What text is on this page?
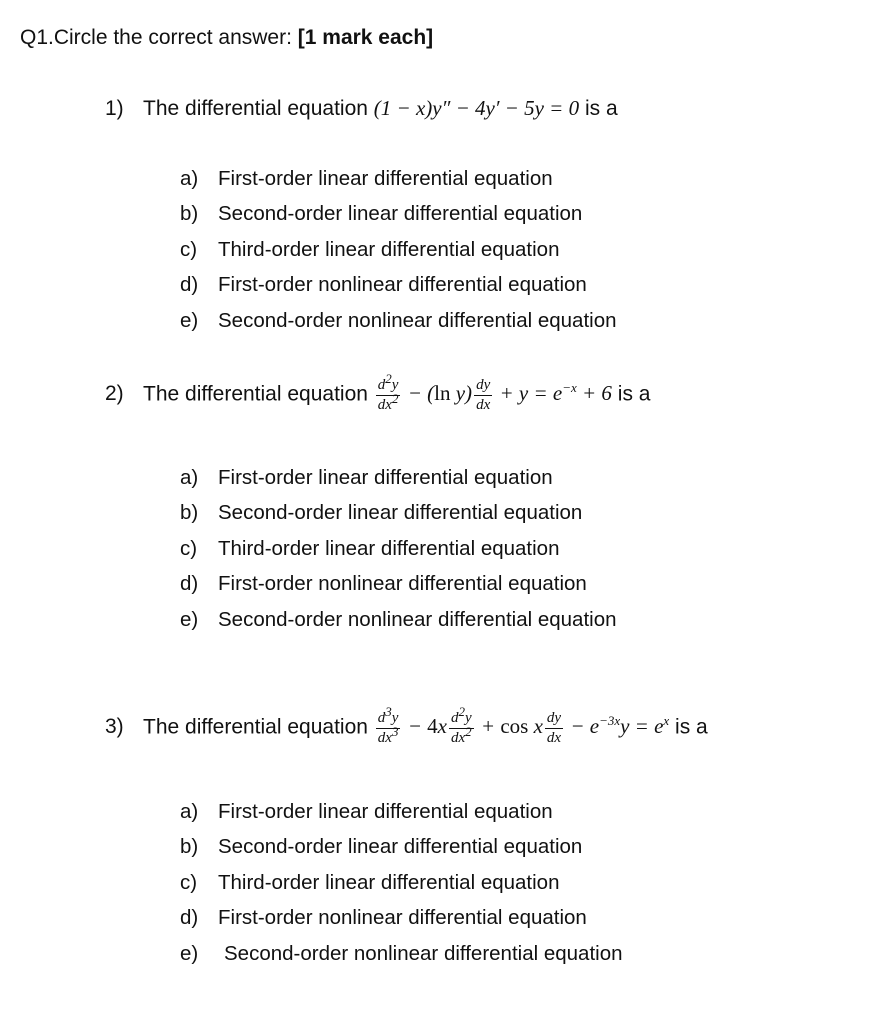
Q1.Circle the correct answer: [1 mark each]
1) The differential equation (1 − x)y″ − 4y′ − 5y = 0 is a
a) First-order linear differential equation
b) Second-order linear differential equation
c) Third-order linear differential equation
d) First-order nonlinear differential equation
e) Second-order nonlinear differential equation
2) The differential equation $\frac{d^2y}{dx^2} - (\ln$ $y) \frac{dy}{dx} + y = e^{-x} + 6$ is a
a) First-order linear differential equation
b) Second-order linear differential equation
c) Third-order linear differential equation
d) First-order nonlinear differential equation
e) Second-order nonlinear differential equation
3) The differential equation $\frac{d^3y}{dx^3} - 4x \frac{d^2y}{dx^2} + \cos x \frac{dy}{dx} - e^{-3x}y = e^x$ is a
a) First-order linear differential equation
b) Second-order linear differential equation
c) Third-order linear differential equation
d) First-order nonlinear differential equation
e) Second-order nonlinear differential equation
